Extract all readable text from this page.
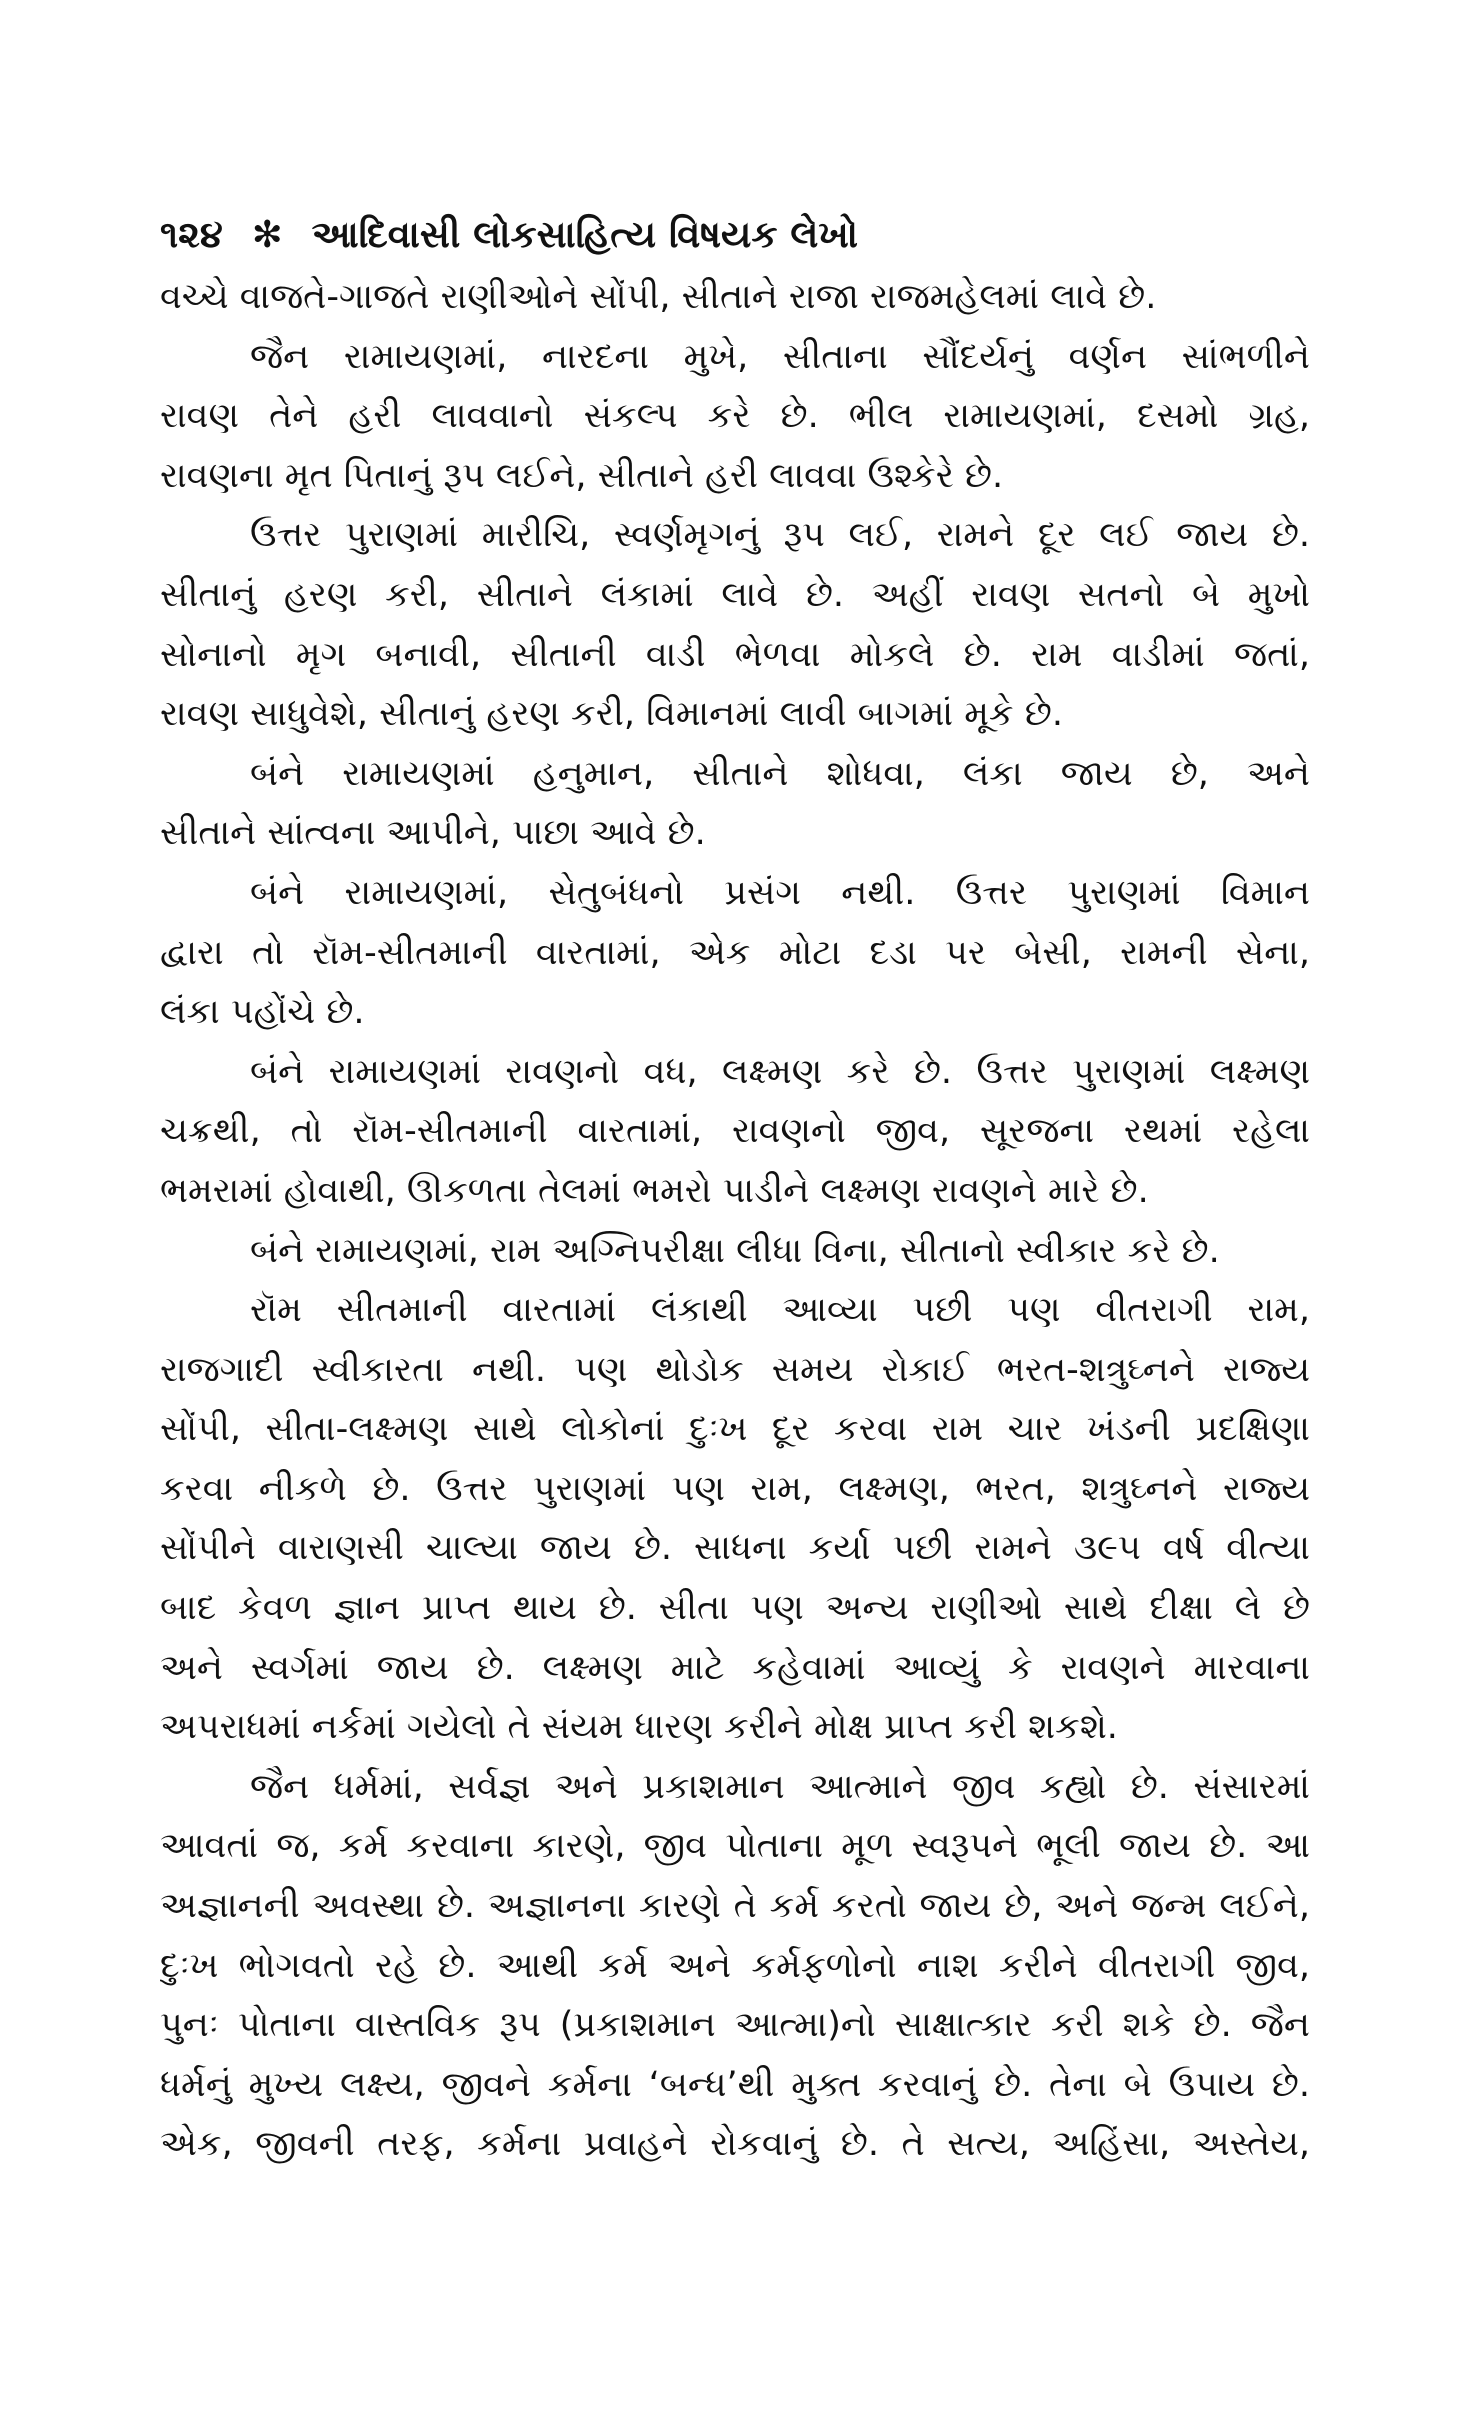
૧૨૪ ✻ આદિવાસી લોકસાહિત્ય વિષયક લેખો
વચ્ચે વાજતે-ગાજતે રાણીઓને સોંપી, સીતાને રાજા રાજમહેલમાં લાવે છે.
જૈન રામાયણમાં, નારદના મુખે, સીતાના સૌંદર્યનું વર્ણન સાંભળીને
રાવણ તેને હરી લાવવાનો સંકલ્પ કરે છે. ભીલ રામાયણમાં, દસમો ગ્રહ,
રાવણના મૃત પિતાનું રૂપ લઈને, સીતાને હરી લાવવા ઉશ્કેરે છે.
ઉત્તર પુરાણમાં મારીચિ, સ્વર્ણમૃગનું રૂપ લઈ, રામને દૂર લઈ જાય છે.
સીતાનું હરણ કરી, સીતાને લંકામાં લાવે છે. અહીં રાવણ સતનો બે મુખો
સોનાનો મૃગ બનાવી, સીતાની વાડી ભેળવા મોકલે છે. રામ વાડીમાં જતાં,
રાવણ સાધુવેશે, સીતાનું હરણ કરી, વિમાનમાં લાવી બાગમાં મૂકે છે.
બંને રામાયણમાં હનુમાન, સીતાને શોધવા, લંકા જાય છે, અને
સીતાને સાંત્વના આપીને, પાછા આવે છે.
બંને રામાયણમાં, સેતુબંધનો પ્રસંગ નથી. ઉત્તર પુરાણમાં વિમાન
દ્વારા તો રૉમ-સીતમાની વારતામાં, એક મોટા દડા પર બેસી, રામની સેના,
લંકા પહોંચે છે.
બંને રામાયણમાં રાવણનો વધ, લક્ષ્મણ કરે છે. ઉત્તર પુરાણમાં લક્ષ્મણ
ચક્રથી, તો રૉમ-સીતમાની વારતામાં, રાવણનો જીવ, સૂરજના રથમાં રહેલા
ભમરામાં હોવાથી, ઊકળતા તેલમાં ભમરો પાડીને લક્ષ્મણ રાવણને મારે છે.
બંને રામાયણમાં, રામ અગ્નિપરીક્ષા લીધા વિના, સીતાનો સ્વીકાર કરે છે.
રૉમ સીતમાની વારતામાં લંકાથી આવ્યા પછી પણ વીતરાગી રામ,
રાજગાદી સ્વીકારતા નથી. પણ થોડોક સમય રોકાઈ ભરત-શત્રુઘ્નને રાજ્ય
સોંપી, સીતા-લક્ષ્મણ સાથે લોકોનાં દુઃખ દૂર કરવા રામ ચાર ખંડની પ્રદક્ષિણા
કરવા નીકળે છે. ઉત્તર પુરાણમાં પણ રામ, લક્ષ્મણ, ભરત, શત્રુઘ્નને રાજ્ય
સોંપીને વારાણસી ચાલ્યા જાય છે. સાધના કર્યા પછી રામને ૩૯૫ વર્ષ વીત્યા
બાદ કેવળ જ્ઞાન પ્રાપ્ત થાય છે. સીતા પણ અન્ય રાણીઓ સાથે દીક્ષા લે છે
અને સ્વર્ગમાં જાય છે. લક્ષ્મણ માટે કહેવામાં આવ્યું કે રાવણને મારવાના
અપરાધમાં નર્કમાં ગયેલો તે સંયમ ધારણ કરીને મોક્ષ પ્રાપ્ત કરી શકશે.
જૈન ધર્મમાં, સર્વજ્ઞ અને પ્રકાશમાન આત્માને જીવ કહ્યો છે. સંસારમાં
આવતાં જ, કર્મ કરવાના કારણે, જીવ પોતાના મૂળ સ્વરૂપને ભૂલી જાય છે. આ
અજ્ઞાનની અવસ્થા છે. અજ્ઞાનના કારણે તે કર્મ કરતો જાય છે, અને જન્મ લઈને,
દુઃખ ભોગવતો રહે છે. આથી કર્મ અને કર્મફળોનો નાશ કરીને વીતરાગી જીવ,
પુનઃ પોતાના વાસ્તવિક રૂપ (પ્રકાશમાન આત્મા)નો સાક્ષાત્કાર કરી શકે છે. જૈન
ધર્મનું મુખ્ય લક્ષ્ય, જીવને કર્મના ‘બન્ધ’થી મુક્ત કરવાનું છે. તેના બે ઉપાય છે.
એક, જીવની તરફ, કર્મના પ્રવાહને રોકવાનું છે. તે સત્ય, અહિંસા, અસ્તેય,
